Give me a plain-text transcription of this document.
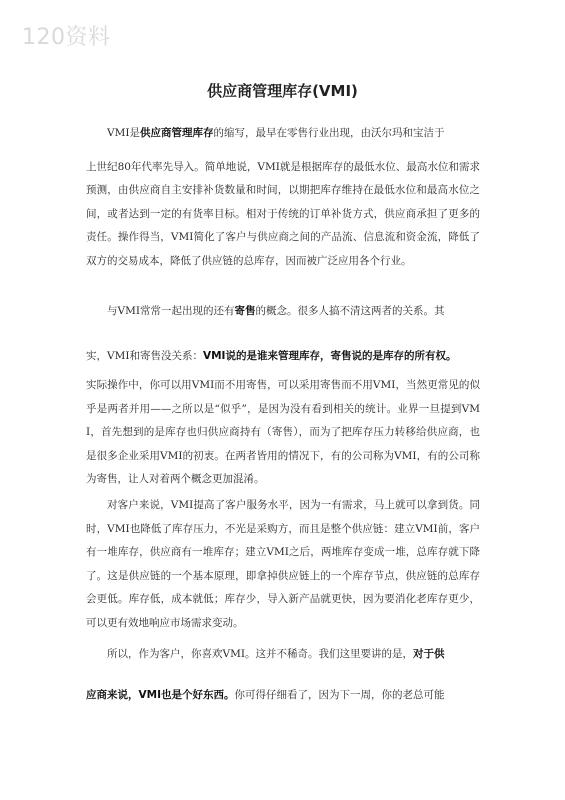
120资料
供应商管理库存(VMI)

VMI是供应商管理库存的缩写，最早在零售行业出现，由沃尔玛和宝洁于

上世纪80年代率先导入。简单地说，VMI就是根据库存的最低水位、最高水位和需求预测，由供应商自主安排补货数量和时间，以期把库存维持在最低水位和最高水位之间，或者达到一定的有货率目标。相对于传统的订单补货方式，供应商承担了更多的责任。操作得当，VMI简化了客户与供应商之间的产品流、信息流和资金流，降低了双方的交易成本，降低了供应链的总库存，因而被广泛应用各个行业。

与VMI常常一起出现的还有寄售的概念。很多人搞不清这两者的关系。其

实，VMI和寄售没关系：VMI说的是谁来管理库存，寄售说的是库存的所有权。

实际操作中，你可以用VMI而不用寄售，可以采用寄售而不用VMI，当然更常见的似乎是两者并用——之所以是“似乎”，是因为没有看到相关的统计。业界一旦提到VMI，首先想到的是库存也归供应商持有（寄售），而为了把库存压力转移给供应商，也是很多企业采用VMI的初衷。在两者皆用的情况下，有的公司称为VMI，有的公司称为寄售，让人对着两个概念更加混淆。

对客户来说，VMI提高了客户服务水平，因为一有需求，马上就可以拿到货。同时，VMI也降低了库存压力，不光是采购方，而且是整个供应链：建立VMI前，客户有一堆库存，供应商有一堆库存；建立VMI之后，两堆库存变成一堆，总库存就下降了。这是供应链的一个基本原理，即拿掉供应链上的一个库存节点，供应链的总库存会更低。库存低，成本就低；库存少，导入新产品就更快，因为要消化老库存更少，可以更有效地响应市场需求变动。

所以，作为客户，你喜欢VMI。这并不稀奇。我们这里要讲的是，对于供

应商来说，VMI也是个好东西。你可得仔细看了，因为下一周，你的老总可能
